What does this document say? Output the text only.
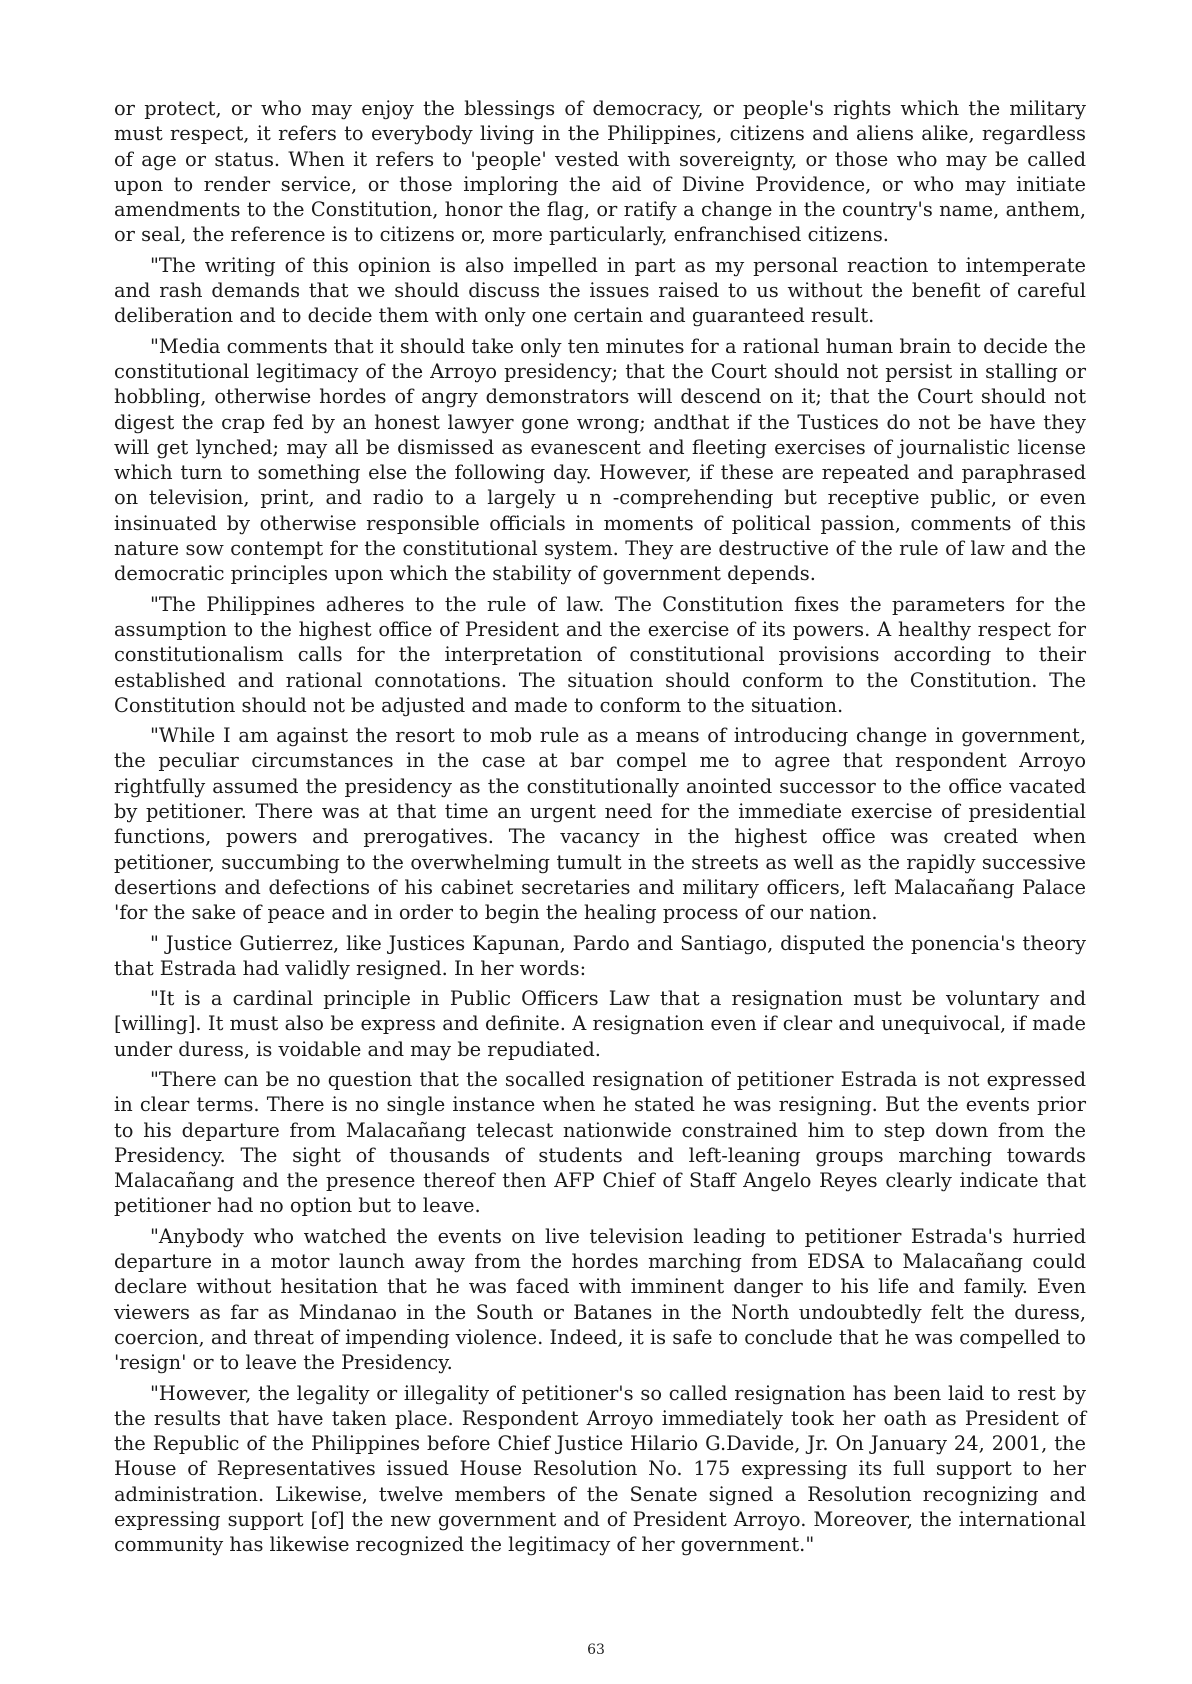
or protect, or who may enjoy the blessings of democracy, or people's rights which the military must respect, it refers to everybody living in the Philippines, citizens and aliens alike, regardless of age or status. When it refers to 'people' vested with sovereignty, or those who may be called upon to render service, or those imploring the aid of Divine Providence, or who may initiate amendments to the Constitution, honor the flag, or ratify a change in the country's name, anthem, or seal, the reference is to citizens or, more particularly, enfranchised citizens.

"The writing of this opinion is also impelled in part as my personal reaction to intemperate and rash demands that we should discuss the issues raised to us without the benefit of careful deliberation and to decide them with only one certain and guaranteed result.

"Media comments that it should take only ten minutes for a rational human brain to decide the constitutional legitimacy of the Arroyo presidency; that the Court should not persist in stalling or hobbling, otherwise hordes of angry demonstrators will descend on it; that the Court should not digest the crap fed by an honest lawyer gone wrong; andthat if the Tustices do not be have they will get lynched; may all be dismissed as evanescent and fleeting exercises of journalistic license which turn to something else the following day. However, if these are repeated and paraphrased on television, print, and radio to a largely u n -comprehending but receptive public, or even insinuated by otherwise responsible officials in moments of political passion, comments of this nature sow contempt for the constitutional system. They are destructive of the rule of law and the democratic principles upon which the stability of government depends.

"The Philippines adheres to the rule of law. The Constitution fixes the parameters for the assumption to the highest office of President and the exercise of its powers. A healthy respect for constitutionalism calls for the interpretation of constitutional provisions according to their established and rational connotations. The situation should conform to the Constitution. The Constitution should not be adjusted and made to conform to the situation.

"While I am against the resort to mob rule as a means of introducing change in government, the peculiar circumstances in the case at bar compel me to agree that respondent Arroyo rightfully assumed the presidency as the constitutionally anointed successor to the office vacated by petitioner. There was at that time an urgent need for the immediate exercise of presidential functions, powers and prerogatives. The vacancy in the highest office was created when petitioner, succumbing to the overwhelming tumult in the streets as well as the rapidly successive desertions and defections of his cabinet secretaries and military officers, left Malacañang Palace 'for the sake of peace and in order to begin the healing process of our nation.

" Justice Gutierrez, like Justices Kapunan, Pardo and Santiago, disputed the ponencia's theory that Estrada had validly resigned. In her words:

"It is a cardinal principle in Public Officers Law that a resignation must be voluntary and [willing]. It must also be express and definite. A resignation even if clear and unequivocal, if made under duress, is voidable and may be repudiated.

"There can be no question that the socalled resignation of petitioner Estrada is not expressed in clear terms. There is no single instance when he stated he was resigning. But the events prior to his departure from Malacañang telecast nationwide constrained him to step down from the Presidency. The sight of thousands of students and left-leaning groups marching towards Malacañang and the presence thereof then AFP Chief of Staff Angelo Reyes clearly indicate that petitioner had no option but to leave.

"Anybody who watched the events on live television leading to petitioner Estrada's hurried departure in a motor launch away from the hordes marching from EDSA to Malacañang could declare without hesitation that he was faced with imminent danger to his life and family. Even viewers as far as Mindanao in the South or Batanes in the North undoubtedly felt the duress, coercion, and threat of impending violence. Indeed, it is safe to conclude that he was compelled to 'resign' or to leave the Presidency.

"However, the legality or illegality of petitioner's so called resignation has been laid to rest by the results that have taken place. Respondent Arroyo immediately took her oath as President of the Republic of the Philippines before Chief Justice Hilario G.Davide, Jr. On January 24, 2001, the House of Representatives issued House Resolution No. 175 expressing its full support to her administration. Likewise, twelve members of the Senate signed a Resolution recognizing and expressing support [of] the new government and of President Arroyo. Moreover, the international community has likewise recognized the legitimacy of her government."

63
